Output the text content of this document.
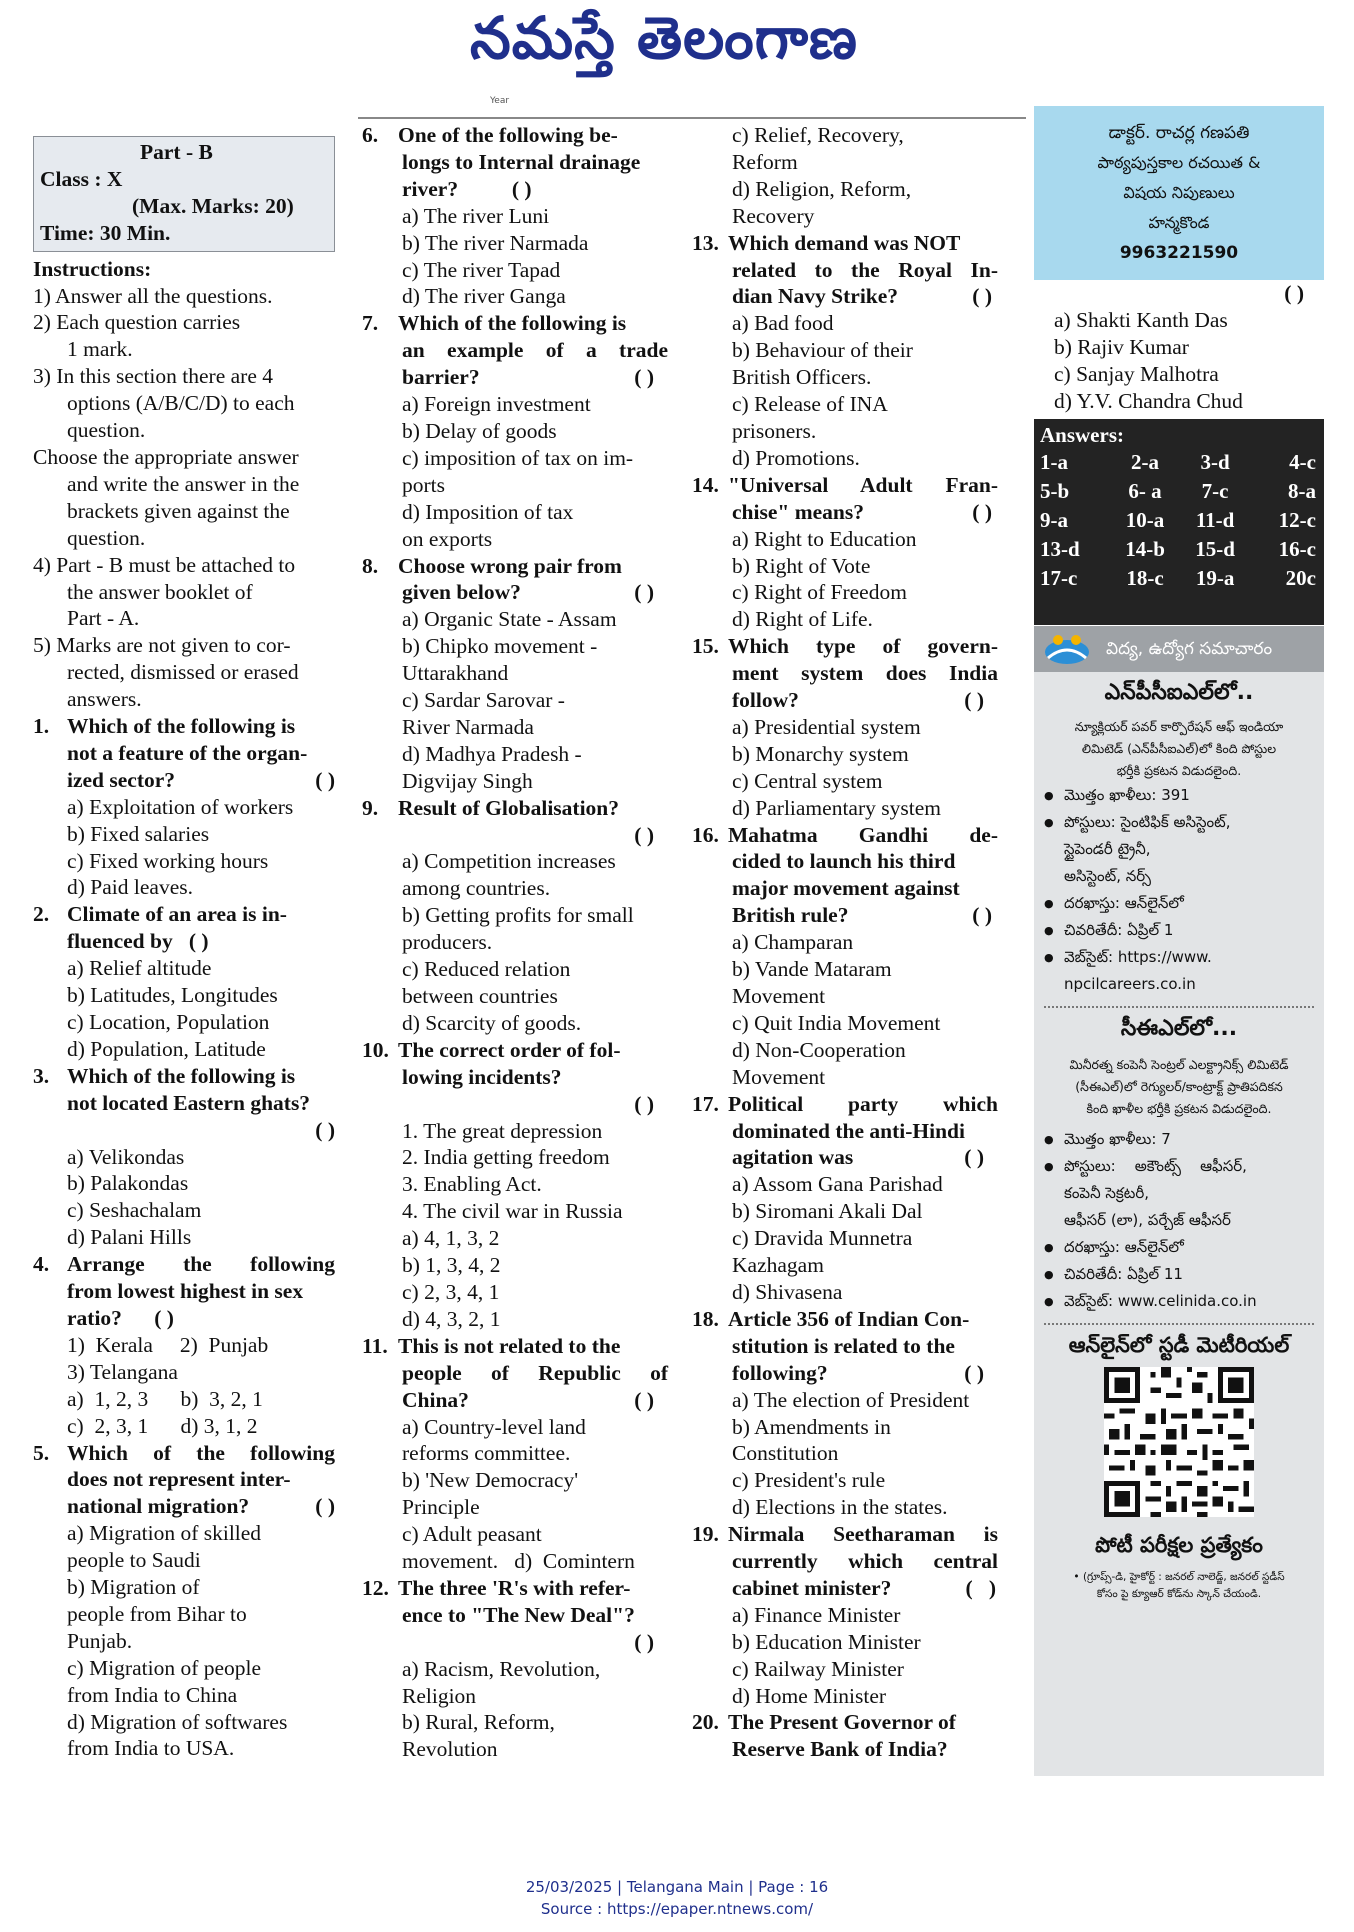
నమస్తే తెలంగాణ
Year

Part - B

Class : X

(Max. Marks: 20)

Time: 30 Min.

Instructions:

1) Answer all the questions.

2) Each question carries

1 mark.

3) In this section there are 4

options (A/B/C/D) to each

question.

Choose the appropriate answer

and write the answer in the

brackets given against the

question.

4) Part - B must be attached to

the answer booklet of

Part - A.

5) Marks are not given to cor-

rected, dismissed or erased

answers.

1. Which of the following is

not a feature of the organ-

ized sector?	( )

a) Exploitation of workers

b) Fixed salaries

c) Fixed working hours

d) Paid leaves.

2. Climate of an area is in-

fluenced by ( )

a) Relief altitude

b) Latitudes, Longitudes

c) Location, Population

d) Population, Latitude

3. Which of the following is

not located Eastern ghats?

( )

a) Velikondas

b) Palakondas

c) Seshachalam

d) Palani Hills

4. Arrange the following

from lowest highest in sex

ratio? ( )

1)  Kerala     2)  Punjab

3) Telangana

a)  1, 2, 3      b)  3, 2, 1

c)  2, 3, 1      d) 3, 1, 2

5. Which of the following

does not represent inter-

national migration?	( )

a) Migration of skilled

people to Saudi

b) Migration of

people from Bihar to

Punjab.

c) Migration of people

from India to China

d) Migration of softwares

from India to USA.

6. One of the following be-

longs to Internal drainage

river?	( )

a) The river Luni

b) The river Narmada

c) The river Tapad

d) The river Ganga

7. Which of the following is

an example of a trade

barrier?	( )

a) Foreign investment

b) Delay of goods

c) imposition of tax on im-

ports

d) Imposition of tax

on exports

8. Choose wrong pair from

given below?	( )

a) Organic State - Assam

b) Chipko movement -

Uttarakhand

c) Sardar Sarovar -

River Narmada

d) Madhya Pradesh -

Digvijay Singh

9. Result of Globalisation?

( )

a) Competition increases

among countries.

b) Getting profits for small

producers.

c) Reduced relation

between countries

d) Scarcity of goods.

10. The correct order of fol-

lowing incidents?

( )

1. The great depression

2. India getting freedom

3. Enabling Act.

4. The civil war in Russia

a) 4, 1, 3, 2

b) 1, 3, 4, 2

c) 2, 3, 4, 1

d) 4, 3, 2, 1

11. This is not related to the

people of Republic of

China?	( )

a) Country-level land

reforms committee.

b) 'New Democracy'

Principle

c) Adult peasant

movement.   d)  Comintern

12. The three 'R's with refer-

ence to "The New Deal"?

( )

a) Racism, Revolution,

Religion

b) Rural, Reform,

Revolution

c) Relief, Recovery,

Reform

d) Religion, Reform,

Recovery

13. Which demand was NOT

related to the Royal In-

dian Navy Strike?	( )

a) Bad food

b) Behaviour of their

British Officers.

c) Release of INA

prisoners.

d) Promotions.

14. "Universal Adult Fran-

chise" means?	( )

a) Right to Education

b) Right of Vote

c) Right of Freedom

d) Right of Life.

15. Which type of govern-

ment system does India

follow?	( )

a) Presidential system

b) Monarchy system

c) Central system

d) Parliamentary system

16. Mahatma Gandhi de-

cided to launch his third

major movement against

British rule?	( )

a) Champaran

b) Vande Mataram

Movement

c) Quit India Movement

d) Non-Cooperation

Movement

17. Political party which

dominated the anti-Hindi

agitation was	( )

a) Assom Gana Parishad

b) Siromani Akali Dal

c) Dravida Munnetra

Kazhagam

d) Shivasena

18. Article 356 of Indian Con-

stitution is related to the

following?	( )

a) The election of President

b) Amendments in

Constitution

c) President's rule

d) Elections in the states.

19. Nirmala Seetharaman is

currently which central

cabinet minister?	(   )

a) Finance Minister

b) Education Minister

c) Railway Minister

d) Home Minister

20. The Present Governor of

Reserve Bank of India?

డాక్టర్. రాచర్ల గణపతి
పాఠ్యపుస్తకాల రచయిత &
విషయ నిపుణులు
హన్మకొండ
9963221590

( )

a) Shakti Kanth Das

b) Rajiv Kumar

c) Sanjay Malhotra

d) Y.V. Chandra Chud

Answers:
1-a	2-a	3-d	4-c
5-b	6- a	7-c	8-a
9-a	10-a	11-d	12-c
13-d	14-b	15-d	16-c
17-c	18-c	19-a	20c
విద్య, ఉద్యోగ సమాచారం
ఎన్‌పీసీఐఎల్‌లో..
న్యూక్లియర్ పవర్ కార్పొరేషన్ ఆఫ్ ఇండియా
లిమిటెడ్ (ఎన్‌పీసీఐఎల్)లో కింది పోస్టుల
భర్తీకి ప్రకటన విడుదలైంది.
● మొత్తం ఖాళీలు: 391
● పోస్టులు: సైంటిఫిక్ అసిస్టెంట్,
స్టైపెండరీ ట్రైనీ,
అసిస్టెంట్, నర్స్
● దరఖాస్తు: ఆన్‌లైన్‌లో
● చివరితేదీ: ఏప్రిల్ 1
● వెబ్‌సైట్: https://www.
npcilcareers.co.in
సీఈఎల్‌లో...
మినీరత్న కంపెనీ సెంట్రల్ ఎలక్ట్రానిక్స్ లిమిటెడ్
(సీఈఎల్)లో రెగ్యులర్/కాంట్రాక్ట్ ప్రాతిపదికన
కింది ఖాళీల భర్తీకి ప్రకటన విడుదలైంది.
● మొత్తం ఖాళీలు: 7
● పోస్టులు:    అకౌంట్స్    ఆఫీసర్,
కంపెనీ సెక్రటరీ,
ఆఫీసర్ (లా), పర్చేజ్ ఆఫీసర్
● దరఖాస్తు: ఆన్‌లైన్‌లో
● చివరితేదీ: ఏప్రిల్ 11
● వెబ్‌సైట్: www.celinida.co.in
ఆన్‌లైన్‌లో స్టడీ మెటీరియల్
పోటీ పరీక్షల ప్రత్యేకం
• (గ్రూప్స్-డి, హైకోర్ట్ : జనరల్ నాలెడ్జ్, జనరల్ స్టడీస్
కోసం పై క్యూఆర్ కోడ్‌ను స్కాన్ చేయండి.
25/03/2025 | Telangana Main | Page : 16
Source : https://epaper.ntnews.com/
